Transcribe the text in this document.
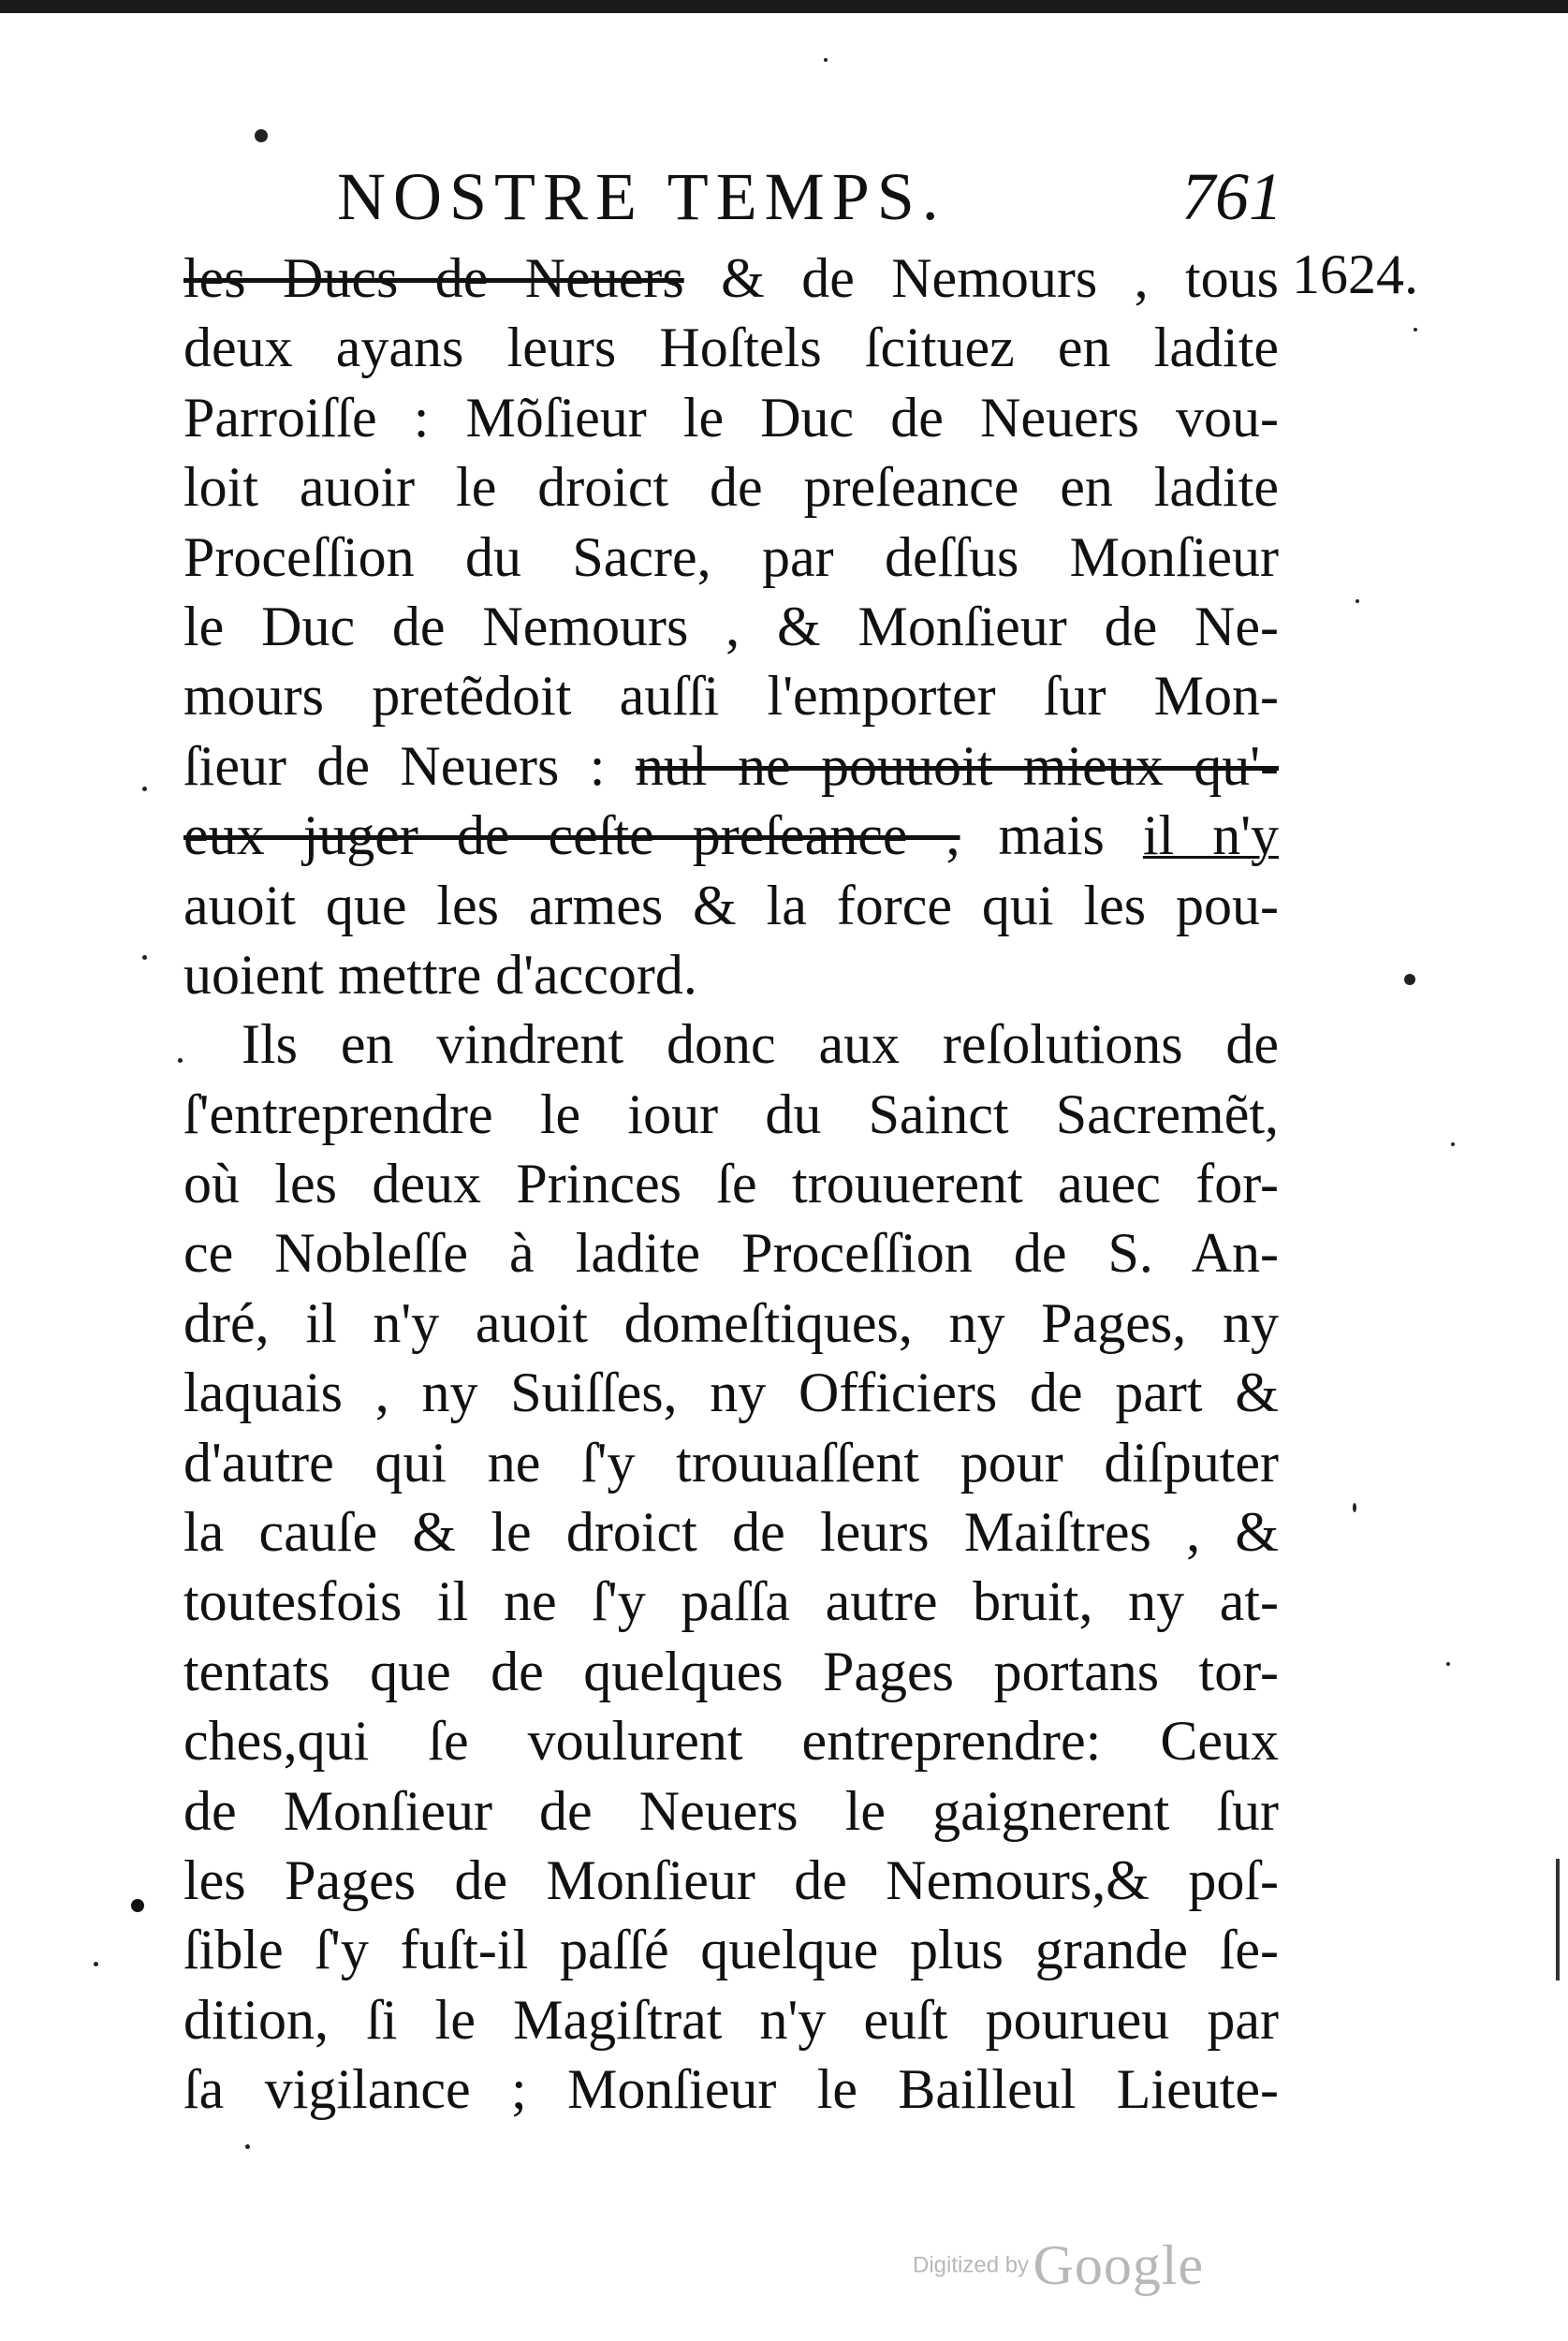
NOSTRE TEMPS.	761
1624.
les Ducs de Neuers & de Nemours , tous
deux ayans leurs Hoſtels ſcituez en ladite
Parroiſſe : Mõſieur le Duc de Neuers vou-
loit auoir le droict de preſeance en ladite
Proceſſion du Sacre, par deſſus Monſieur
le Duc de Nemours , & Monſieur de Ne-
mours pretẽdoit auſſi l'emporter ſur Mon-
ſieur de Neuers : nul ne pouuoit mieux qu'-
eux juger de ceſte preſeance , mais il n'y
auoit que les armes & la force qui les pou-
uoient mettre d'accord.
Ils en vindrent donc aux reſolutions de
ſ'entreprendre le iour du Sainct Sacremẽt,
où les deux Princes ſe trouuerent auec for-
ce Nobleſſe à ladite Proceſſion de S. An-
dré, il n'y auoit domeſtiques, ny Pages, ny
laquais , ny Suiſſes, ny Officiers de part &
d'autre qui ne ſ'y trouuaſſent pour diſputer
la cauſe & le droict de leurs Maiſtres , &
toutesfois il ne ſ'y paſſa autre bruit, ny at-
tentats que de quelques Pages portans tor-
ches,qui ſe voulurent entreprendre: Ceux
de Monſieur de Neuers le gaignerent ſur
les Pages de Monſieur de Nemours,& poſ-
ſible ſ'y fuſt-il paſſé quelque plus grande ſe-
dition, ſi le Magiſtrat n'y euſt pourueu par
ſa vigilance ; Monſieur le Bailleul Lieute-
Digitized by Google
